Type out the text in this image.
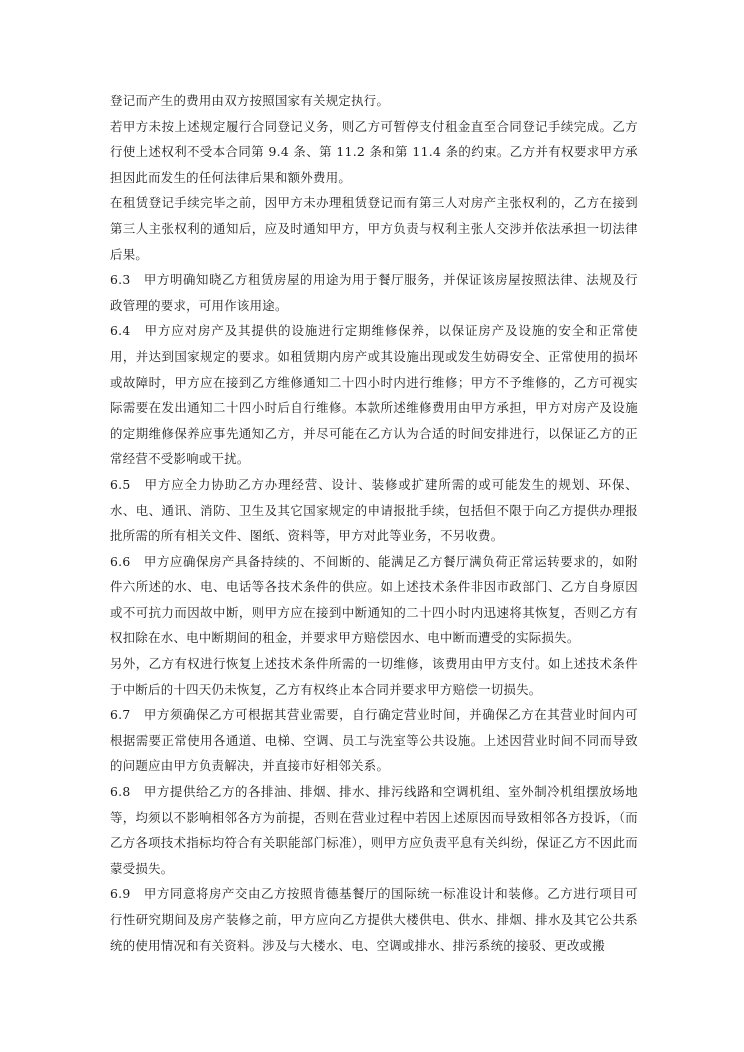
登记而产生的费用由双方按照国家有关规定执行。

若甲方未按上述规定履行合同登记义务，则乙方可暂停支付租金直至合同登记手续完成。乙方行使上述权利不受本合同第 9.4 条、第 11.2 条和第 11.4 条的约束。乙方并有权要求甲方承担因此而发生的任何法律后果和额外费用。

在租赁登记手续完毕之前，因甲方未办理租赁登记而有第三人对房产主张权利的，乙方在接到第三人主张权利的通知后，应及时通知甲方，甲方负责与权利主张人交涉并依法承担一切法律后果。

6.3　甲方明确知晓乙方租赁房屋的用途为用于餐厅服务，并保证该房屋按照法律、法规及行政管理的要求，可用作该用途。

6.4　甲方应对房产及其提供的设施进行定期维修保养，以保证房产及设施的安全和正常使用，并达到国家规定的要求。如租赁期内房产或其设施出现或发生妨碍安全、正常使用的损坏或故障时，甲方应在接到乙方维修通知二十四小时内进行维修；甲方不予维修的，乙方可视实际需要在发出通知二十四小时后自行维修。本款所述维修费用由甲方承担，甲方对房产及设施的定期维修保养应事先通知乙方，并尽可能在乙方认为合适的时间安排进行，以保证乙方的正常经营不受影响或干扰。

6.5　甲方应全力协助乙方办理经营、设计、装修或扩建所需的或可能发生的规划、环保、水、电、通讯、消防、卫生及其它国家规定的申请报批手续，包括但不限于向乙方提供办理报批所需的所有相关文件、图纸、资料等，甲方对此等业务，不另收费。

6.6　甲方应确保房产具备持续的、不间断的、能满足乙方餐厅满负荷正常运转要求的，如附件六所述的水、电、电话等各技术条件的供应。如上述技术条件非因市政部门、乙方自身原因或不可抗力而因故中断，则甲方应在接到中断通知的二十四小时内迅速将其恢复，否则乙方有权扣除在水、电中断期间的租金，并要求甲方赔偿因水、电中断而遭受的实际损失。

另外，乙方有权进行恢复上述技术条件所需的一切维修，该费用由甲方支付。如上述技术条件于中断后的十四天仍未恢复，乙方有权终止本合同并要求甲方赔偿一切损失。

6.7　甲方须确保乙方可根据其营业需要，自行确定营业时间，并确保乙方在其营业时间内可根据需要正常使用各通道、电梯、空调、员工与洗室等公共设施。上述因营业时间不同而导致的问题应由甲方负责解决，并直接市好相邻关系。

6.8　甲方提供给乙方的各排油、排烟、排水、排污线路和空调机组、室外制冷机组摆放场地等，均须以不影响相邻各方为前提，否则在营业过程中若因上述原因而导致相邻各方投诉，（而乙方各项技术指标均符合有关职能部门标准），则甲方应负责平息有关纠纷，保证乙方不因此而蒙受损失。

6.9　甲方同意将房产交由乙方按照肯德基餐厅的国际统一标准设计和装修。乙方进行项目可行性研究期间及房产装修之前，甲方应向乙方提供大楼供电、供水、排烟、排水及其它公共系统的使用情况和有关资料。涉及与大楼水、电、空调或排水、排污系统的接驳、更改或搬
